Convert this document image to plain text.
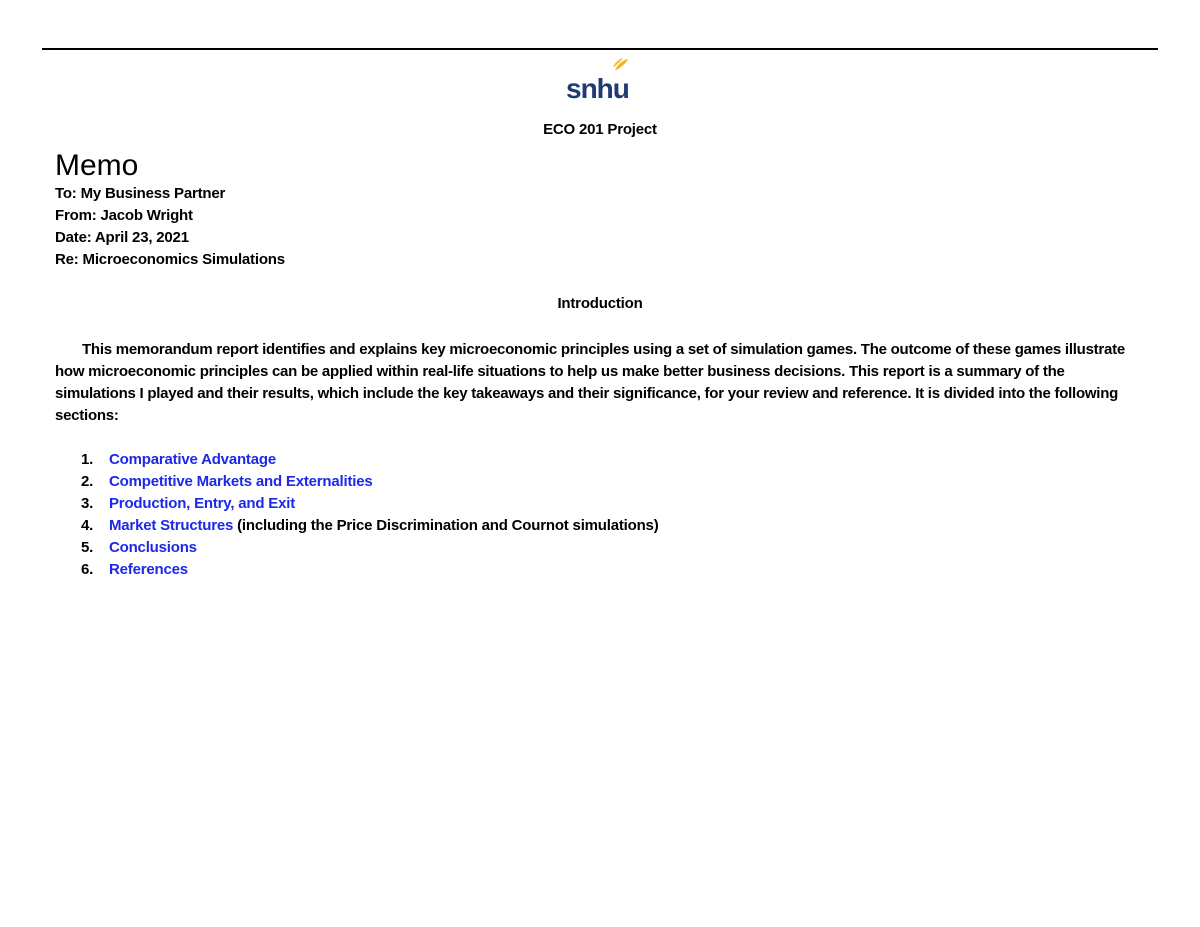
snhu
ECO 201 Project
Memo
To: My Business Partner
From: Jacob Wright
Date: April 23, 2021
Re: Microeconomics Simulations
Introduction

This memorandum report identifies and explains key microeconomic principles using a set of simulation games. The outcome of these games illustrate how microeconomic principles can be applied within real-life situations to help us make better business decisions. This report is a summary of the simulations I played and their results, which include the key takeaways and their significance, for your review and reference. It is divided into the following sections:

1. Comparative Advantage
2. Competitive Markets and Externalities
3. Production, Entry, and Exit
4. Market Structures (including the Price Discrimination and Cournot simulations)
5. Conclusions
6. References
